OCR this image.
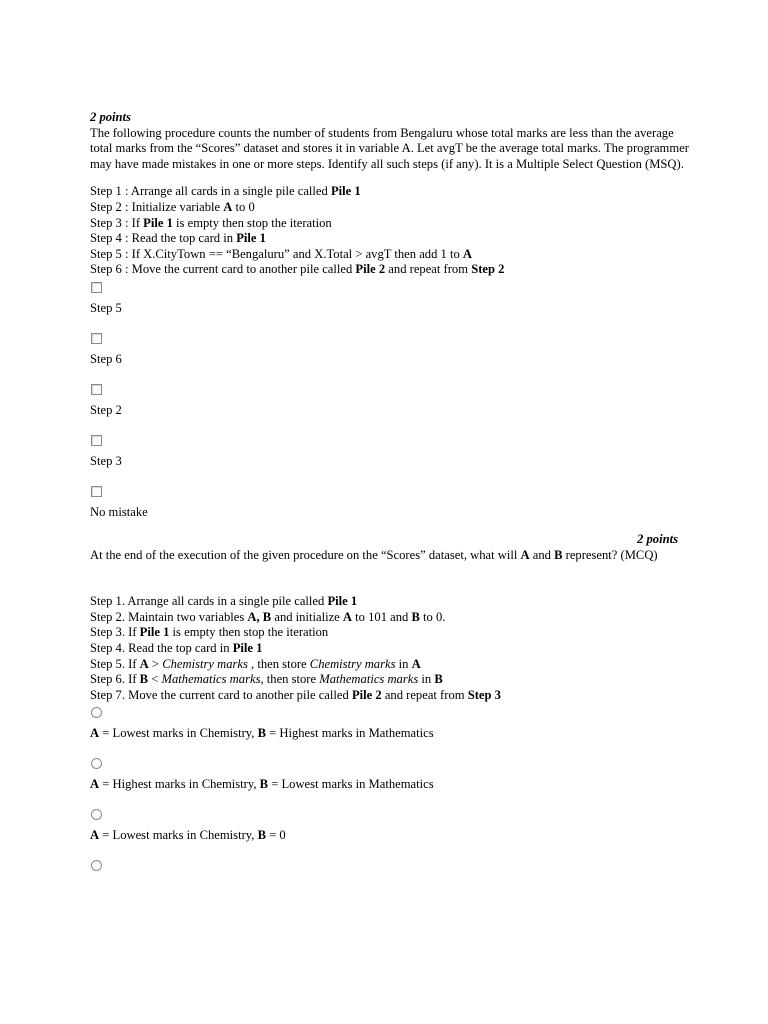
2 points

The following procedure counts the number of students from Bengaluru whose total marks are less than the average total marks from the “Scores” dataset and stores it in variable A. Let avgT be the average total marks. The programmer may have made mistakes in one or more steps. Identify all such steps (if any). It is a Multiple Select Question (MSQ).

Step 1 : Arrange all cards in a single pile called Pile 1
Step 2 : Initialize variable A to 0
Step 3 : If Pile 1 is empty then stop the iteration
Step 4 : Read the top card in Pile 1
Step 5 : If X.CityTown == “Bengaluru” and X.Total > avgT then add 1 to A
Step 6 : Move the current card to another pile called Pile 2 and repeat from Step 2
Step 5
Step 6
Step 2
Step 3
No mistake
2 points

At the end of the execution of the given procedure on the “Scores” dataset, what will A and B represent? (MCQ)

Step 1. Arrange all cards in a single pile called Pile 1
Step 2. Maintain two variables A, B and initialize A to 101 and B to 0.
Step 3. If Pile 1 is empty then stop the iteration
Step 4. Read the top card in Pile 1
Step 5. If A > Chemistry marks , then store Chemistry marks in A
Step 6. If B < Mathematics marks, then store Mathematics marks in B
Step 7. Move the current card to another pile called Pile 2 and repeat from Step 3
A = Lowest marks in Chemistry, B = Highest marks in Mathematics
A = Highest marks in Chemistry, B = Lowest marks in Mathematics
A = Lowest marks in Chemistry, B = 0
